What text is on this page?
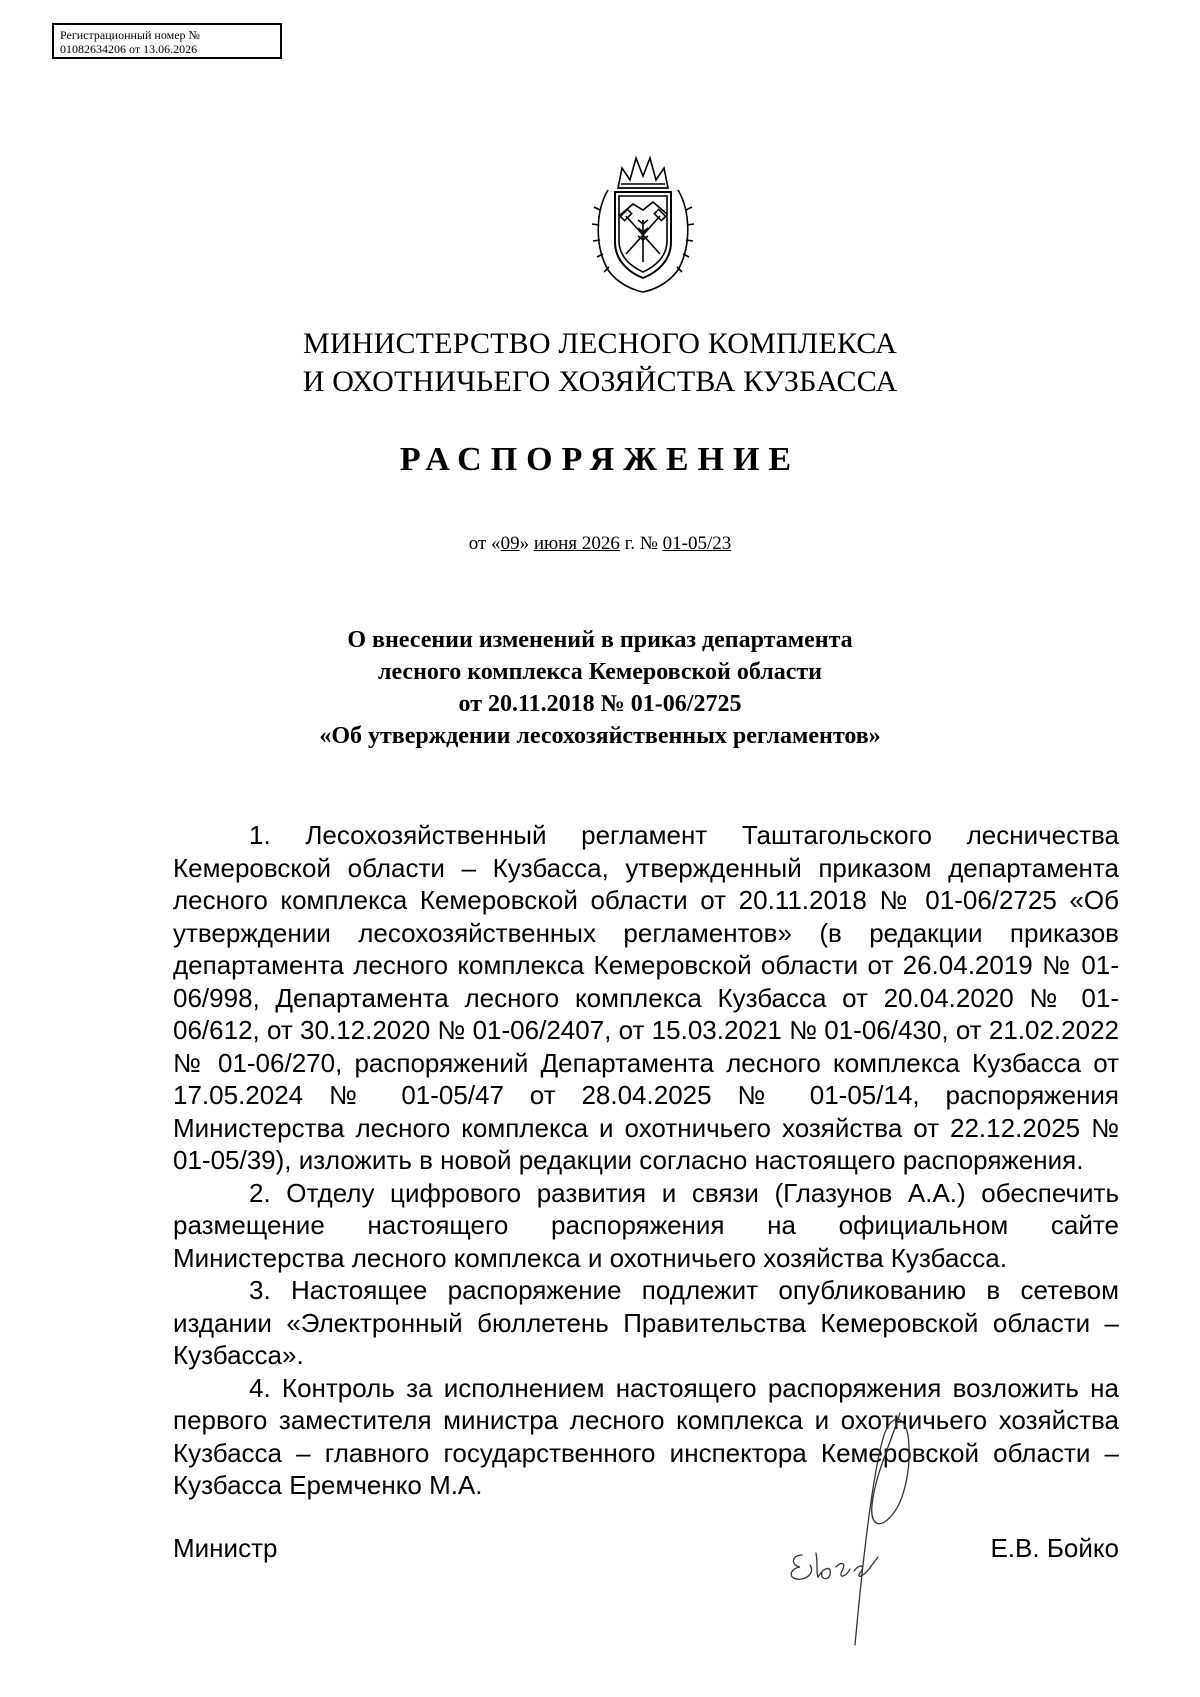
Регистрационный номер №
01082634206 от 13.06.2026
МИНИСТЕРСТВО ЛЕСНОГО КОМПЛЕКСА
И ОХОТНИЧЬЕГО ХОЗЯЙСТВА КУЗБАССА
РАСПОРЯЖЕНИЕ
от «09» июня 2026 г. № 01-05/23
О внесении изменений в приказ департамента
лесного комплекса Кемеровской области
от 20.11.2018 № 01-06/2725
«Об утверждении лесохозяйственных регламентов»

1. Лесохозяйственный регламент Таштагольского лесничества Кемеровской области – Кузбасса, утвержденный приказом департамента лесного комплекса Кемеровской области от 20.11.2018 № 01-06/2725 «Об утверждении лесохозяйственных регламентов» (в редакции приказов департамента лесного комплекса Кемеровской области от 26.04.2019 № 01-06/998, Департамента лесного комплекса Кузбасса от 20.04.2020 № 01-06/612, от 30.12.2020 № 01-06/2407, от 15.03.2021 № 01-06/430, от 21.02.2022 № 01-06/270, распоряжений Департамента лесного комплекса Кузбасса от 17.05.2024 № 01-05/47 от 28.04.2025 № 01-05/14, распоряжения Министерства лесного комплекса и охотничьего хозяйства от 22.12.2025 № 01-05/39), изложить в новой редакции согласно настоящего распоряжения.

2. Отделу цифрового развития и связи (Глазунов А.А.) обеспечить размещение настоящего распоряжения на официальном сайте Министерства лесного комплекса и охотничьего хозяйства Кузбасса.

3. Настоящее распоряжение подлежит опубликованию в сетевом издании «Электронный бюллетень Правительства Кемеровской области – Кузбасса».

4. Контроль за исполнением настоящего распоряжения возложить на первого заместителя министра лесного комплекса и охотничьего хозяйства Кузбасса – главного государственного инспектора Кемеровской области – Кузбасса Еремченко М.А.

Министр	Е.В. Бойко
